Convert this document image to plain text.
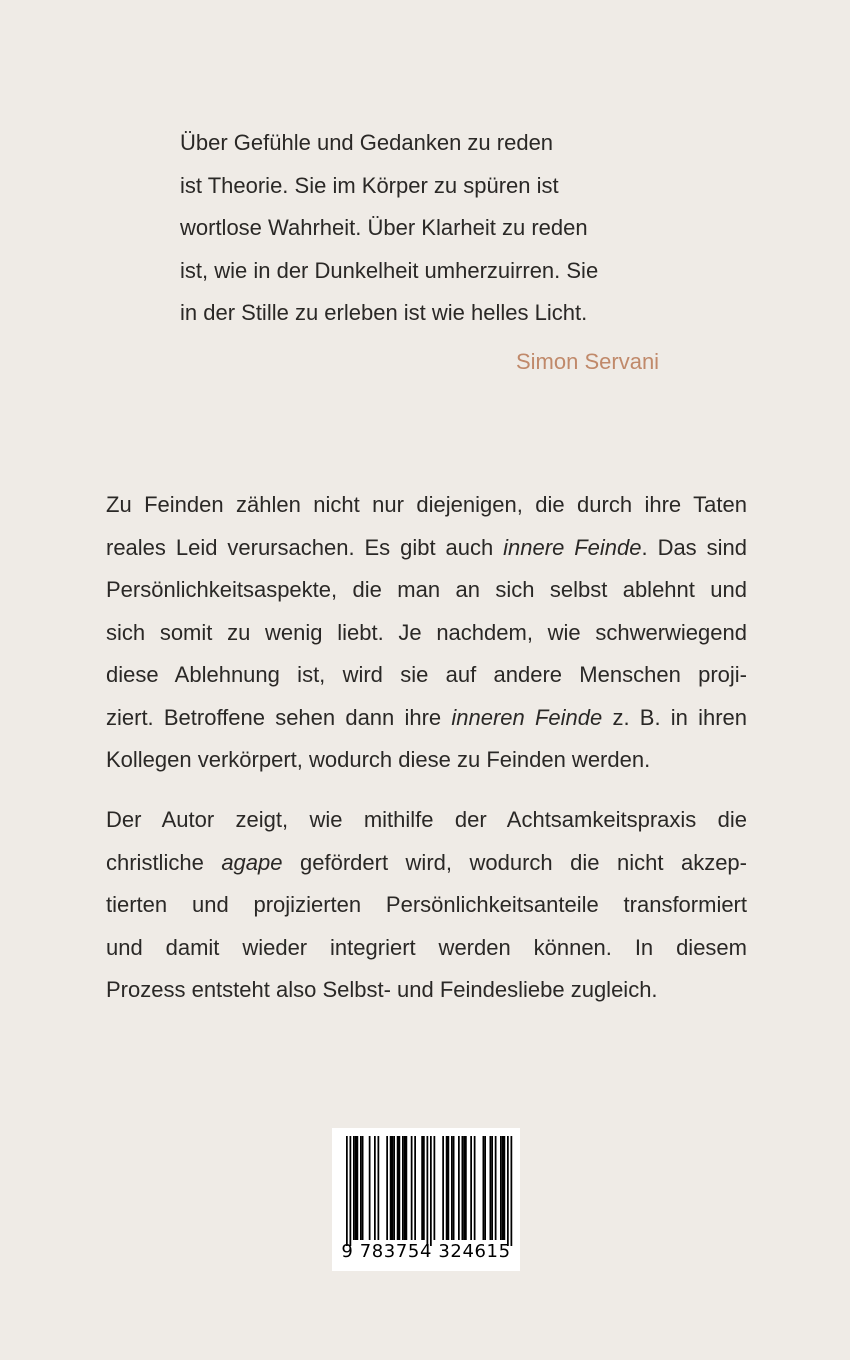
Über Gefühle und Gedanken zu reden
ist Theorie. Sie im Körper zu spüren ist
wortlose Wahrheit. Über Klarheit zu reden
ist, wie in der Dunkelheit umherzuirren. Sie
in der Stille zu erleben ist wie helles Licht.
Simon Servani
Zu Feinden zählen nicht nur diejenigen, die durch ihre Taten
reales Leid verursachen. Es gibt auch innere Feinde. Das sind
Persönlichkeitsaspekte, die man an sich selbst ablehnt und
sich somit zu wenig liebt. Je nachdem, wie schwerwiegend
diese Ablehnung ist, wird sie auf andere Menschen proji-
ziert. Betroffene sehen dann ihre inneren Feinde z. B. in ihren
Kollegen verkörpert, wodurch diese zu Feinden werden.
Der Autor zeigt, wie mithilfe der Achtsamkeitspraxis die
christliche agape gefördert wird, wodurch die nicht akzep-
tierten und projizierten Persönlichkeitsanteile transformiert
und damit wieder integriert werden können. In diesem
Prozess entsteht also Selbst- und Feindesliebe zugleich.
9 783754 324615
